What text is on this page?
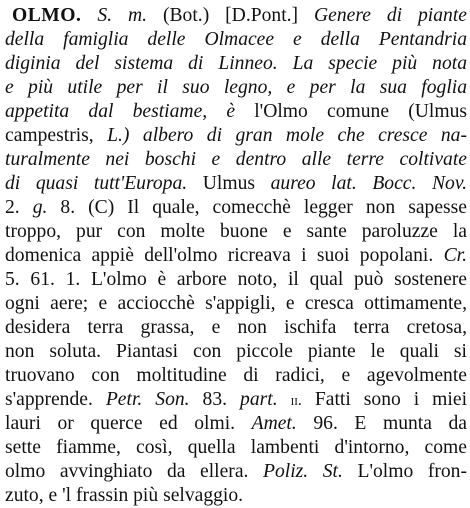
OLMO. S. m. (Bot.) [D.Pont.] Genere di piante
della famiglia delle Olmacee e della Pentandria
diginia del sistema di Linneo. La specie più nota
e più utile per il suo legno, e per la sua foglia
appetita dal bestiame, è l'Olmo comune (Ulmus
campestris, L.) albero di gran mole che cresce na-
turalmente nei boschi e dentro alle terre coltivate
di quasi tutt'Europa. Ulmus aureo lat. Bocc. Nov.
2. g. 8. (C) Il quale, comecchè legger non sapesse
troppo, pur con molte buone e sante paroluzze la
domenica appiè dell'olmo ricreava i suoi popolani. Cr.
5. 61. 1. L'olmo è arbore noto, il qual può sostenere
ogni aere; e acciocchè s'appigli, e cresca ottimamente,
desidera terra grassa, e non ischifa terra cretosa,
non soluta. Piantasi con piccole piante le quali si
truovano con moltitudine di radici, e agevolmente
s'apprende. Petr. Son. 83. part. ii. Fatti sono i miei
lauri or querce ed olmi. Amet. 96. E munta da
sette fiamme, così, quella lambenti d'intorno, come
olmo avvinghiato da ellera. Poliz. St. L'olmo fron-
zuto, e 'l frassin più selvaggio.
